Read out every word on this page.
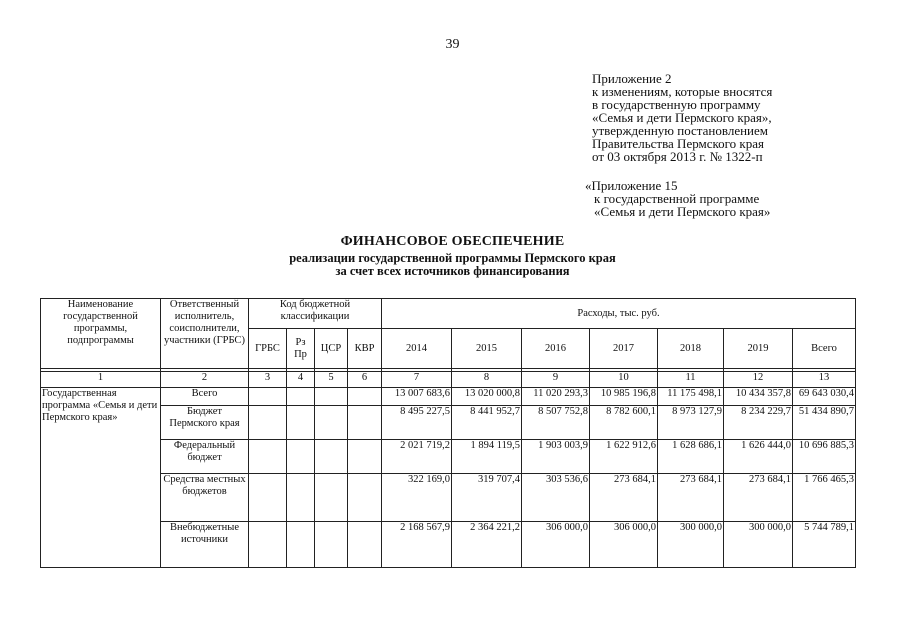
39
Приложение 2
к изменениям, которые вносятся
в государственную программу
«Семья и дети Пермского края»,
утвержденную постановлением
Правительства Пермского края
от 03 октября 2013 г. № 1322-п
«Приложение 15
к государственной программе
«Семья и дети Пермского края»
ФИНАНСОВОЕ ОБЕСПЕЧЕНИЕ
реализации государственной программы Пермского края
за счет всех источников финансирования
Наименование государственной программы, подпрограммы	Ответственный исполнитель, соисполнители, участники (ГРБС)	Код бюджетной классификации				Расходы, тыс. руб.						
		ГРБС	Рз Пр	ЦСР	КВР	2014	2015	2016	2017	2018	2019	Всего

1	2	3	4	5	6	7	8	9	10	11	12	13
Государственная программа «Семья и дети Пермского края»	Всего					13 007 683,6	13 020 000,8	11 020 293,3	10 985 196,8	11 175 498,1	10 434 357,8	69 643 030,4
	Бюджет Пермского края					8 495 227,5	8 441 952,7	8 507 752,8	8 782 600,1	8 973 127,9	8 234 229,7	51 434 890,7
	Федеральный бюджет					2 021 719,2	1 894 119,5	1 903 003,9	1 622 912,6	1 628 686,1	1 626 444,0	10 696 885,3
	Средства местных бюджетов					322 169,0	319 707,4	303 536,6	273 684,1	273 684,1	273 684,1	1 766 465,3
	Внебюджетные источники					2 168 567,9	2 364 221,2	306 000,0	306 000,0	300 000,0	300 000,0	5 744 789,1
